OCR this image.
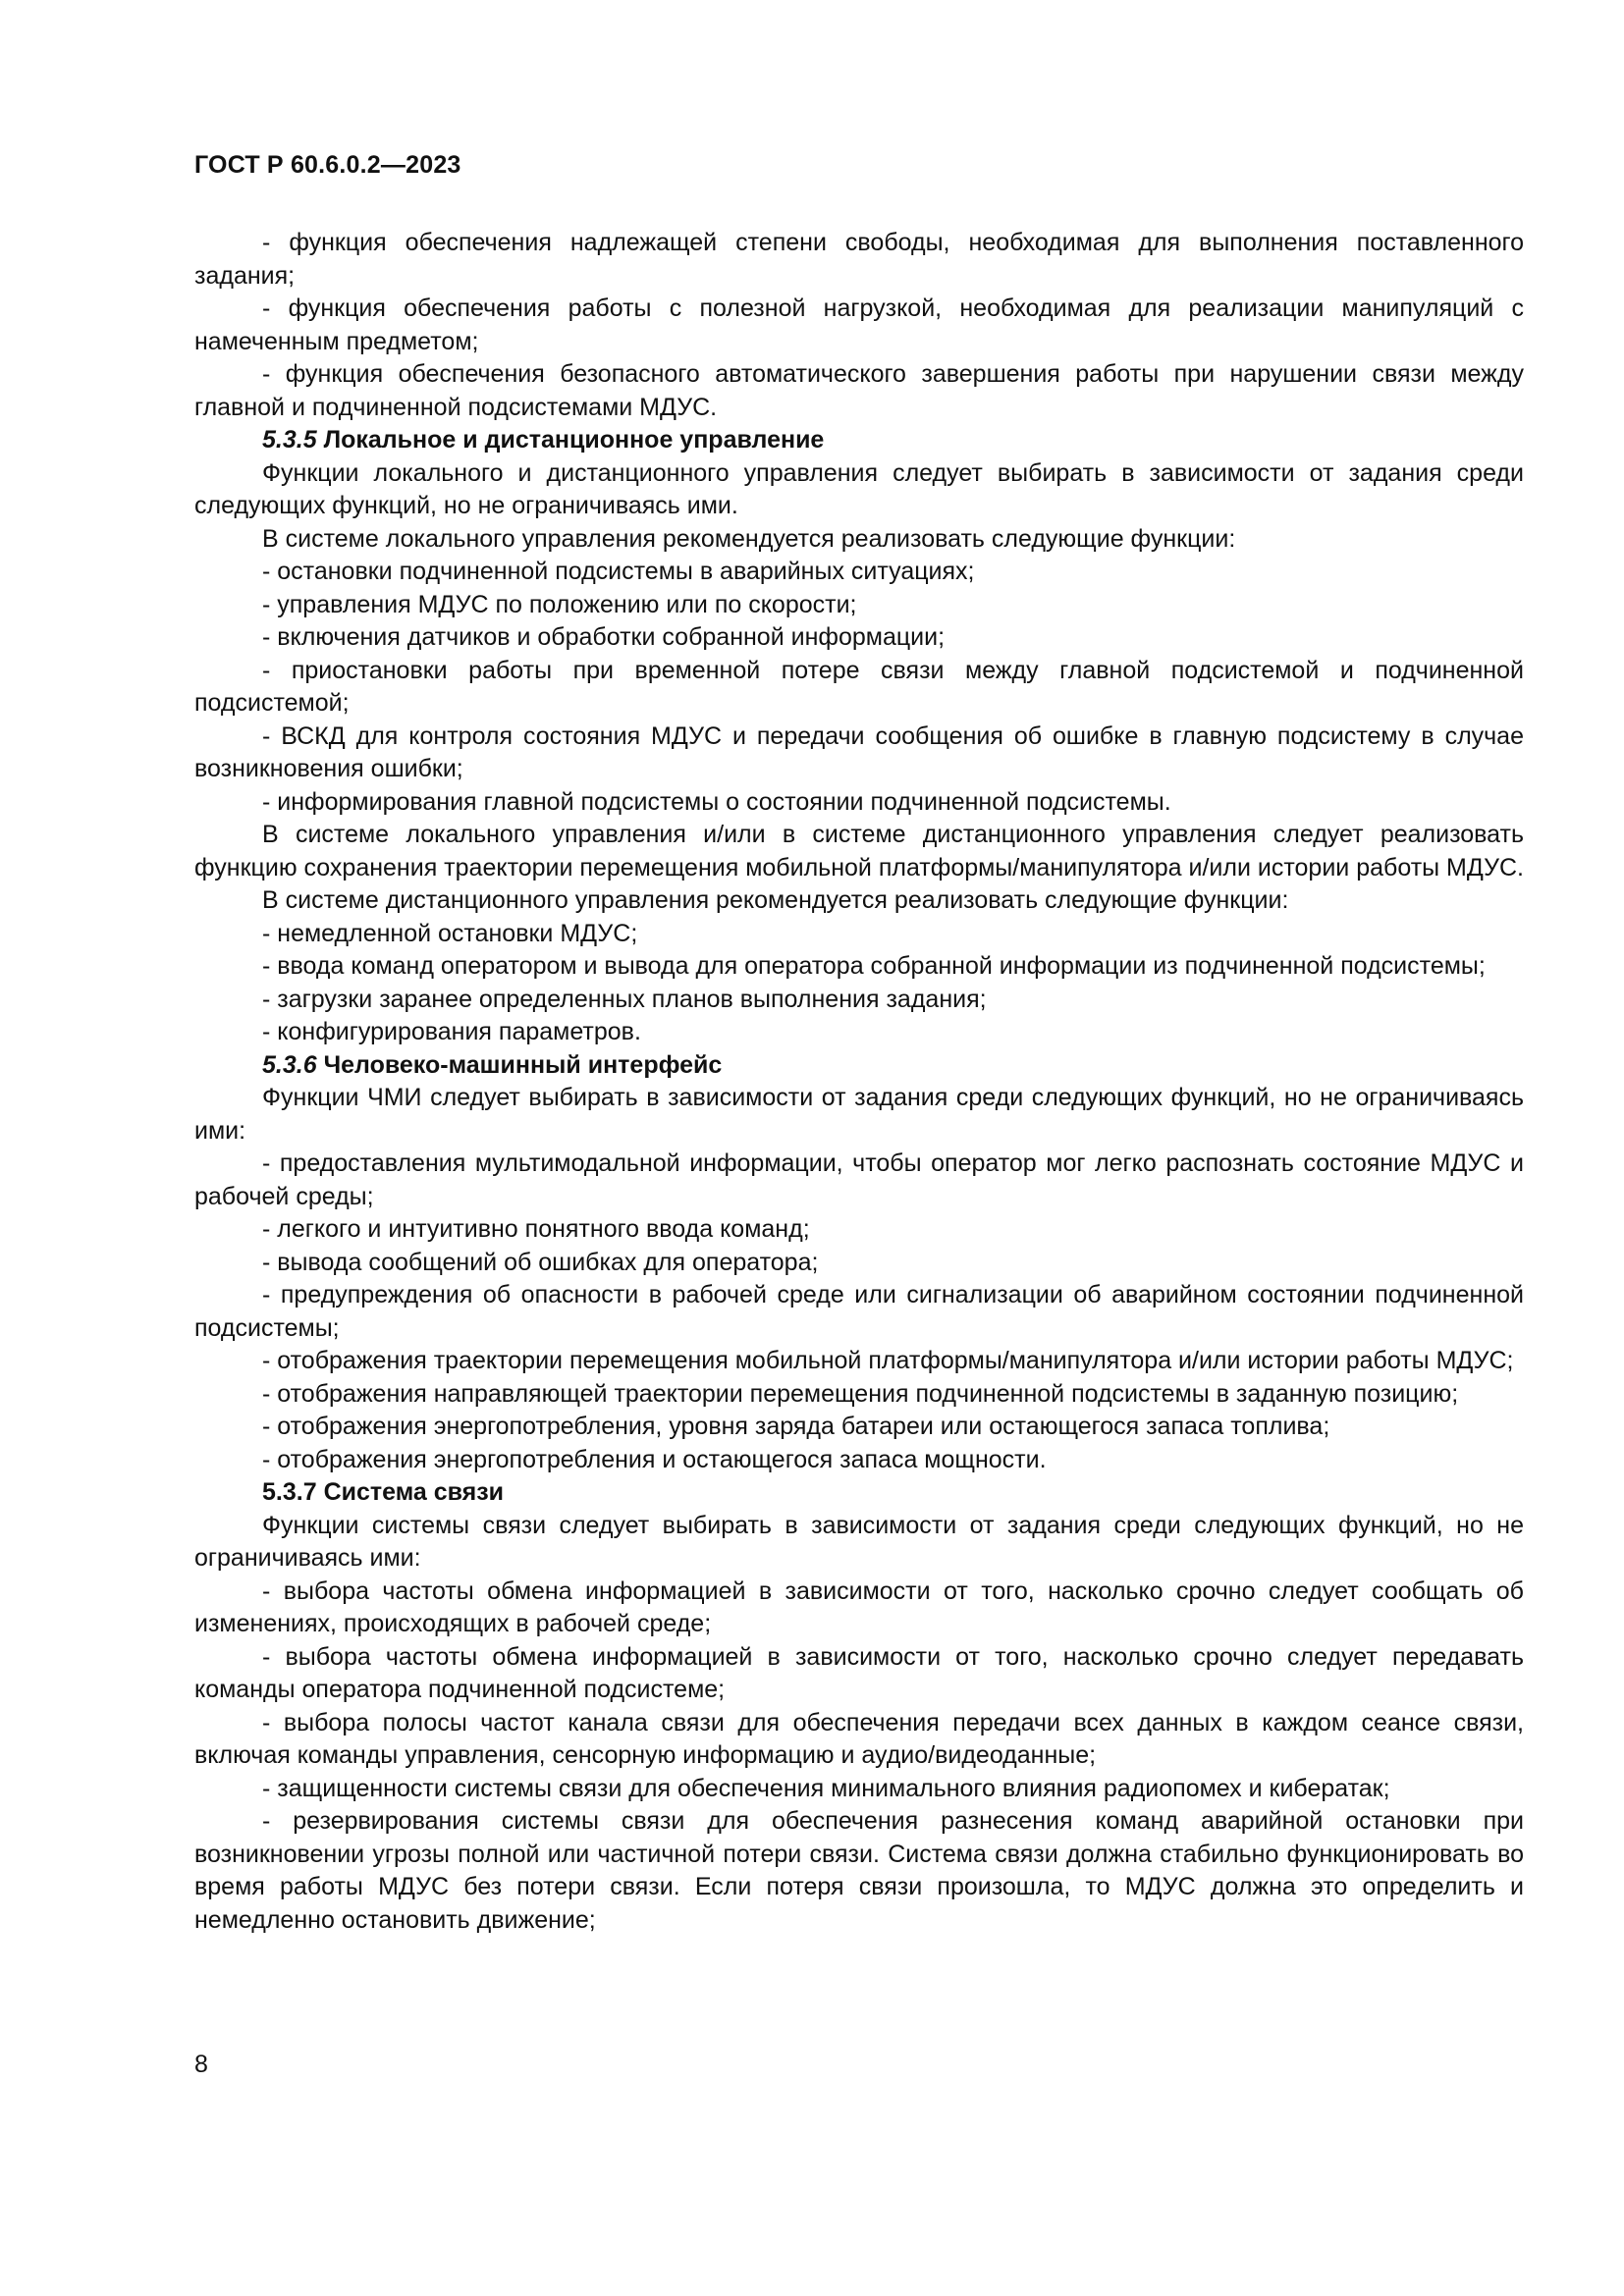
ГОСТ Р 60.6.0.2—2023

- функция обеспечения надлежащей степени свободы, необходимая для выполнения поставленного задания;

- функция обеспечения работы с полезной нагрузкой, необходимая для реализации манипуляций с намеченным предметом;

- функция обеспечения безопасного автоматического завершения работы при нарушении связи между главной и подчиненной подсистемами МДУС.

5.3.5 Локальное и дистанционное управление

Функции локального и дистанционного управления следует выбирать в зависимости от задания среди следующих функций, но не ограничиваясь ими.

В системе локального управления рекомендуется реализовать следующие функции:

- остановки подчиненной подсистемы в аварийных ситуациях;

- управления МДУС по положению или по скорости;

- включения датчиков и обработки собранной информации;

- приостановки работы при временной потере связи между главной подсистемой и подчиненной подсистемой;

- ВСКД для контроля состояния МДУС и передачи сообщения об ошибке в главную подсистему в случае возникновения ошибки;

- информирования главной подсистемы о состоянии подчиненной подсистемы.

В системе локального управления и/или в системе дистанционного управления следует реализовать функцию сохранения траектории перемещения мобильной платформы/манипулятора и/или истории работы МДУС.

В системе дистанционного управления рекомендуется реализовать следующие функции:

- немедленной остановки МДУС;

- ввода команд оператором и вывода для оператора собранной информации из подчиненной подсистемы;

- загрузки заранее определенных планов выполнения задания;

- конфигурирования параметров.

5.3.6 Человеко-машинный интерфейс

Функции ЧМИ следует выбирать в зависимости от задания среди следующих функций, но не ограничиваясь ими:

- предоставления мультимодальной информации, чтобы оператор мог легко распознать состояние МДУС и рабочей среды;

- легкого и интуитивно понятного ввода команд;

- вывода сообщений об ошибках для оператора;

- предупреждения об опасности в рабочей среде или сигнализации об аварийном состоянии подчиненной подсистемы;

- отображения траектории перемещения мобильной платформы/манипулятора и/или истории работы МДУС;

- отображения направляющей траектории перемещения подчиненной подсистемы в заданную позицию;

- отображения энергопотребления, уровня заряда батареи или остающегося запаса топлива;

- отображения энергопотребления и остающегося запаса мощности.

5.3.7 Система связи

Функции системы связи следует выбирать в зависимости от задания среди следующих функций, но не ограничиваясь ими:

- выбора частоты обмена информацией в зависимости от того, насколько срочно следует сообщать об изменениях, происходящих в рабочей среде;

- выбора частоты обмена информацией в зависимости от того, насколько срочно следует передавать команды оператора подчиненной подсистеме;

- выбора полосы частот канала связи для обеспечения передачи всех данных в каждом сеансе связи, включая команды управления, сенсорную информацию и аудио/видеоданные;

- защищенности системы связи для обеспечения минимального влияния радиопомех и кибератак;

- резервирования системы связи для обеспечения разнесения команд аварийной остановки при возникновении угрозы полной или частичной потери связи. Система связи должна стабильно функционировать во время работы МДУС без потери связи. Если потеря связи произошла, то МДУС должна это определить и немедленно остановить движение;

8
